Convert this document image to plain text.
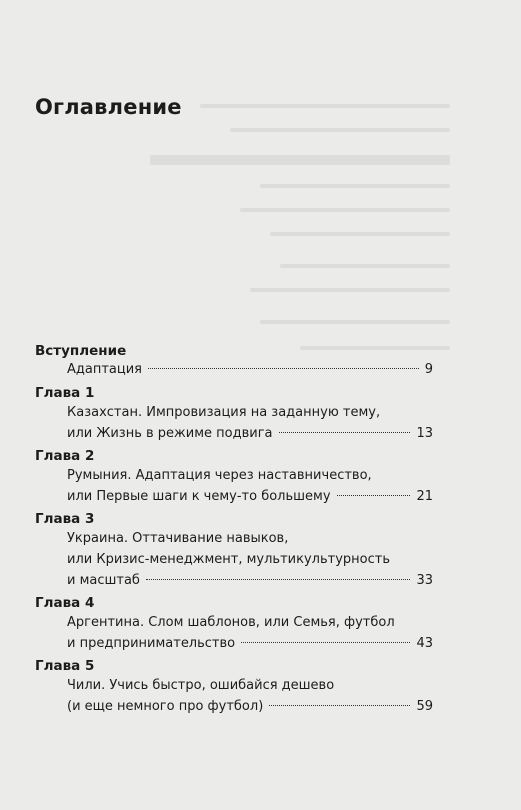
Оглавление
Вступление
Адаптация	9
Глава 1
Казахстан. Импровизация на заданную тему,
или Жизнь в режиме подвига	13
Глава 2
Румыния. Адаптация через наставничество,
или Первые шаги к чему-то большему	21
Глава 3
Украина. Оттачивание навыков,
или Кризис-менеджмент, мультикультурность
и масштаб	33
Глава 4
Аргентина. Слом шаблонов, или Семья, футбол
и предпринимательство	43
Глава 5
Чили. Учись быстро, ошибайся дешево
(и еще немного про футбол)	59
